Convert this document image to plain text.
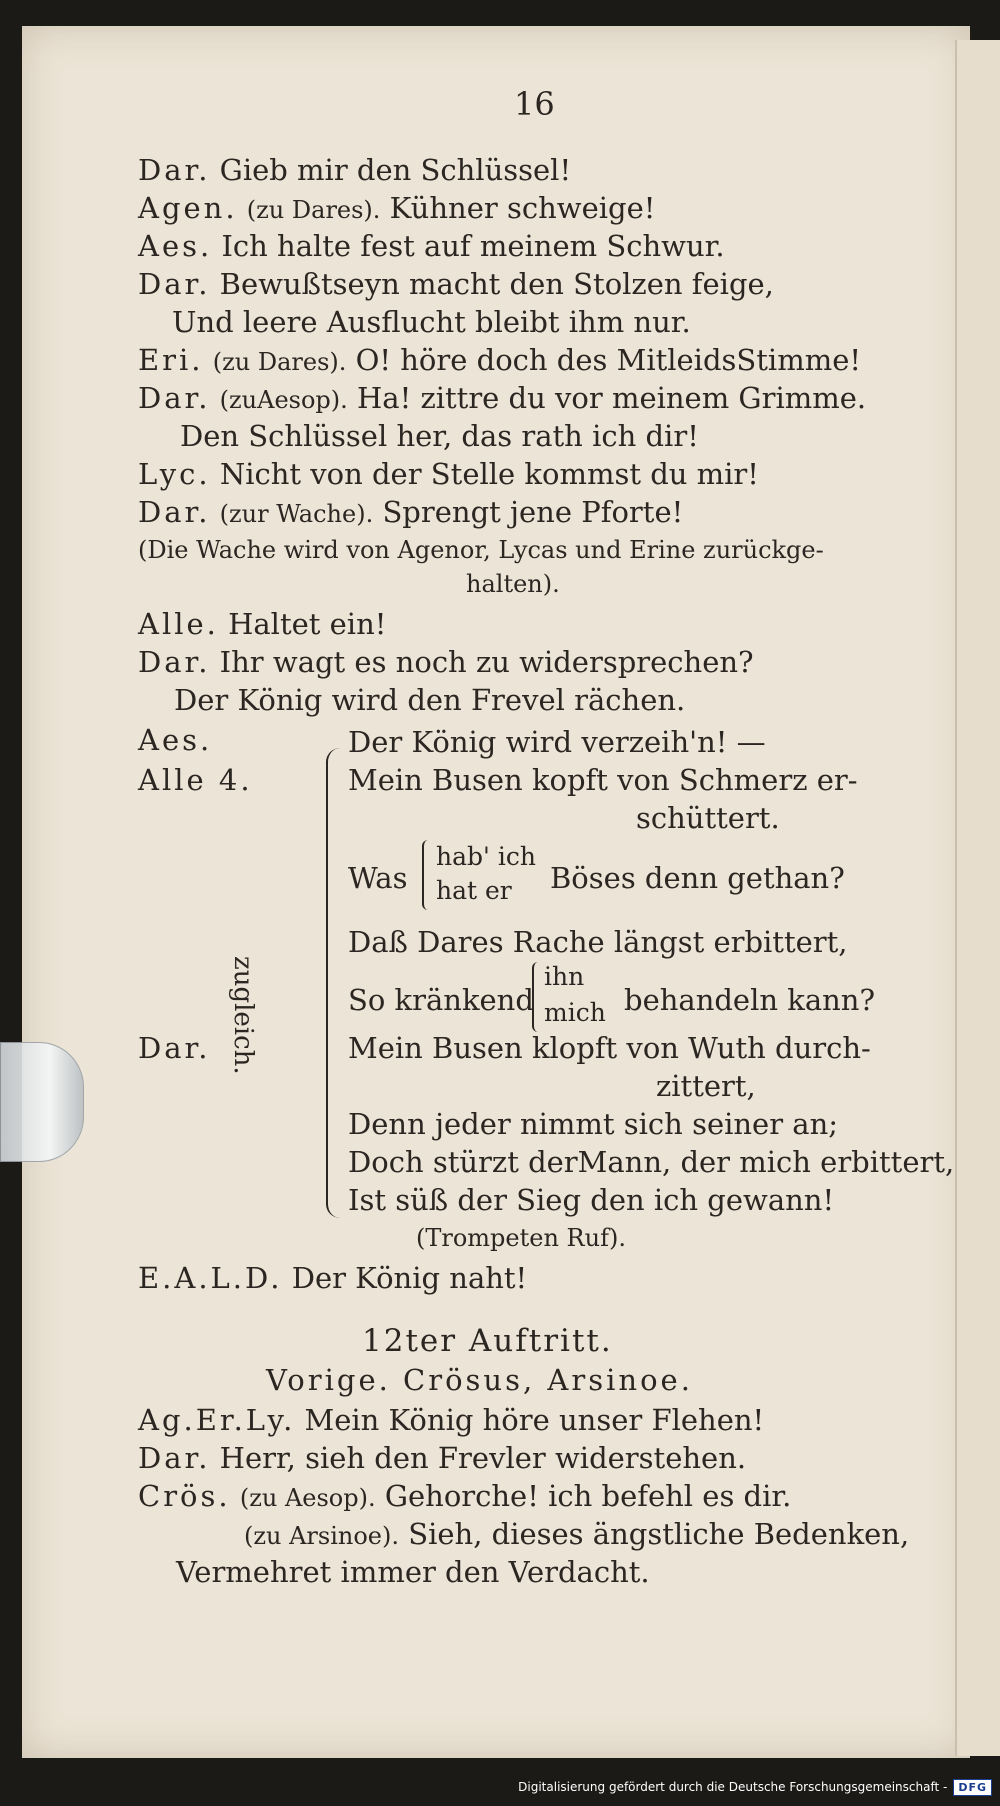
16
Dar. Gieb mir den Schlüssel!
Agen. (zu Dares). Kühner schweige!
Aes. Ich halte fest auf meinem Schwur.
Dar. Bewußtseyn macht den Stolzen feige,
Und leere Ausflucht bleibt ihm nur.
Eri. (zu Dares). O! höre doch des MitleidsStimme!
Dar. (zuAesop). Ha! zittre du vor meinem Grimme.
Den Schlüssel her, das rath ich dir!
Lyc. Nicht von der Stelle kommst du mir!
Dar. (zur Wache). Sprengt jene Pforte!
(Die Wache wird von Agenor, Lycas und Erine zurückge-
halten).
Alle. Haltet ein!
Dar. Ihr wagt es noch zu widersprechen?
Der König wird den Frevel rächen.
Aes.
Alle 4.
Dar. zugleich.
Der König wird verzeih'n! —
Mein Busen kopft von Schmerz er-
schüttert.
Was
hab' ich
hat er Böses denn gethan?
Daß Dares Rache längst erbittert,
So kränkend
ihn
mich behandeln kann?
Mein Busen klopft von Wuth durch-
zittert,
Denn jeder nimmt sich seiner an;
Doch stürzt derMann, der mich erbittert,
Ist süß der Sieg den ich gewann!
(Trompeten Ruf).
E.A.L.D. Der König naht!
12ter Auftritt.
Vorige. Crösus, Arsinoe.
Ag.Er.Ly. Mein König höre unser Flehen!
Dar. Herr, sieh den Frevler widerstehen.
Crös. (zu Aesop). Gehorche! ich befehl es dir.
(zu Arsinoe). Sieh, dieses ängstliche Bedenken,
Vermehret immer den Verdacht.
Digitalisierung gefördert durch die Deutsche Forschungsgemeinschaft -	DFG
